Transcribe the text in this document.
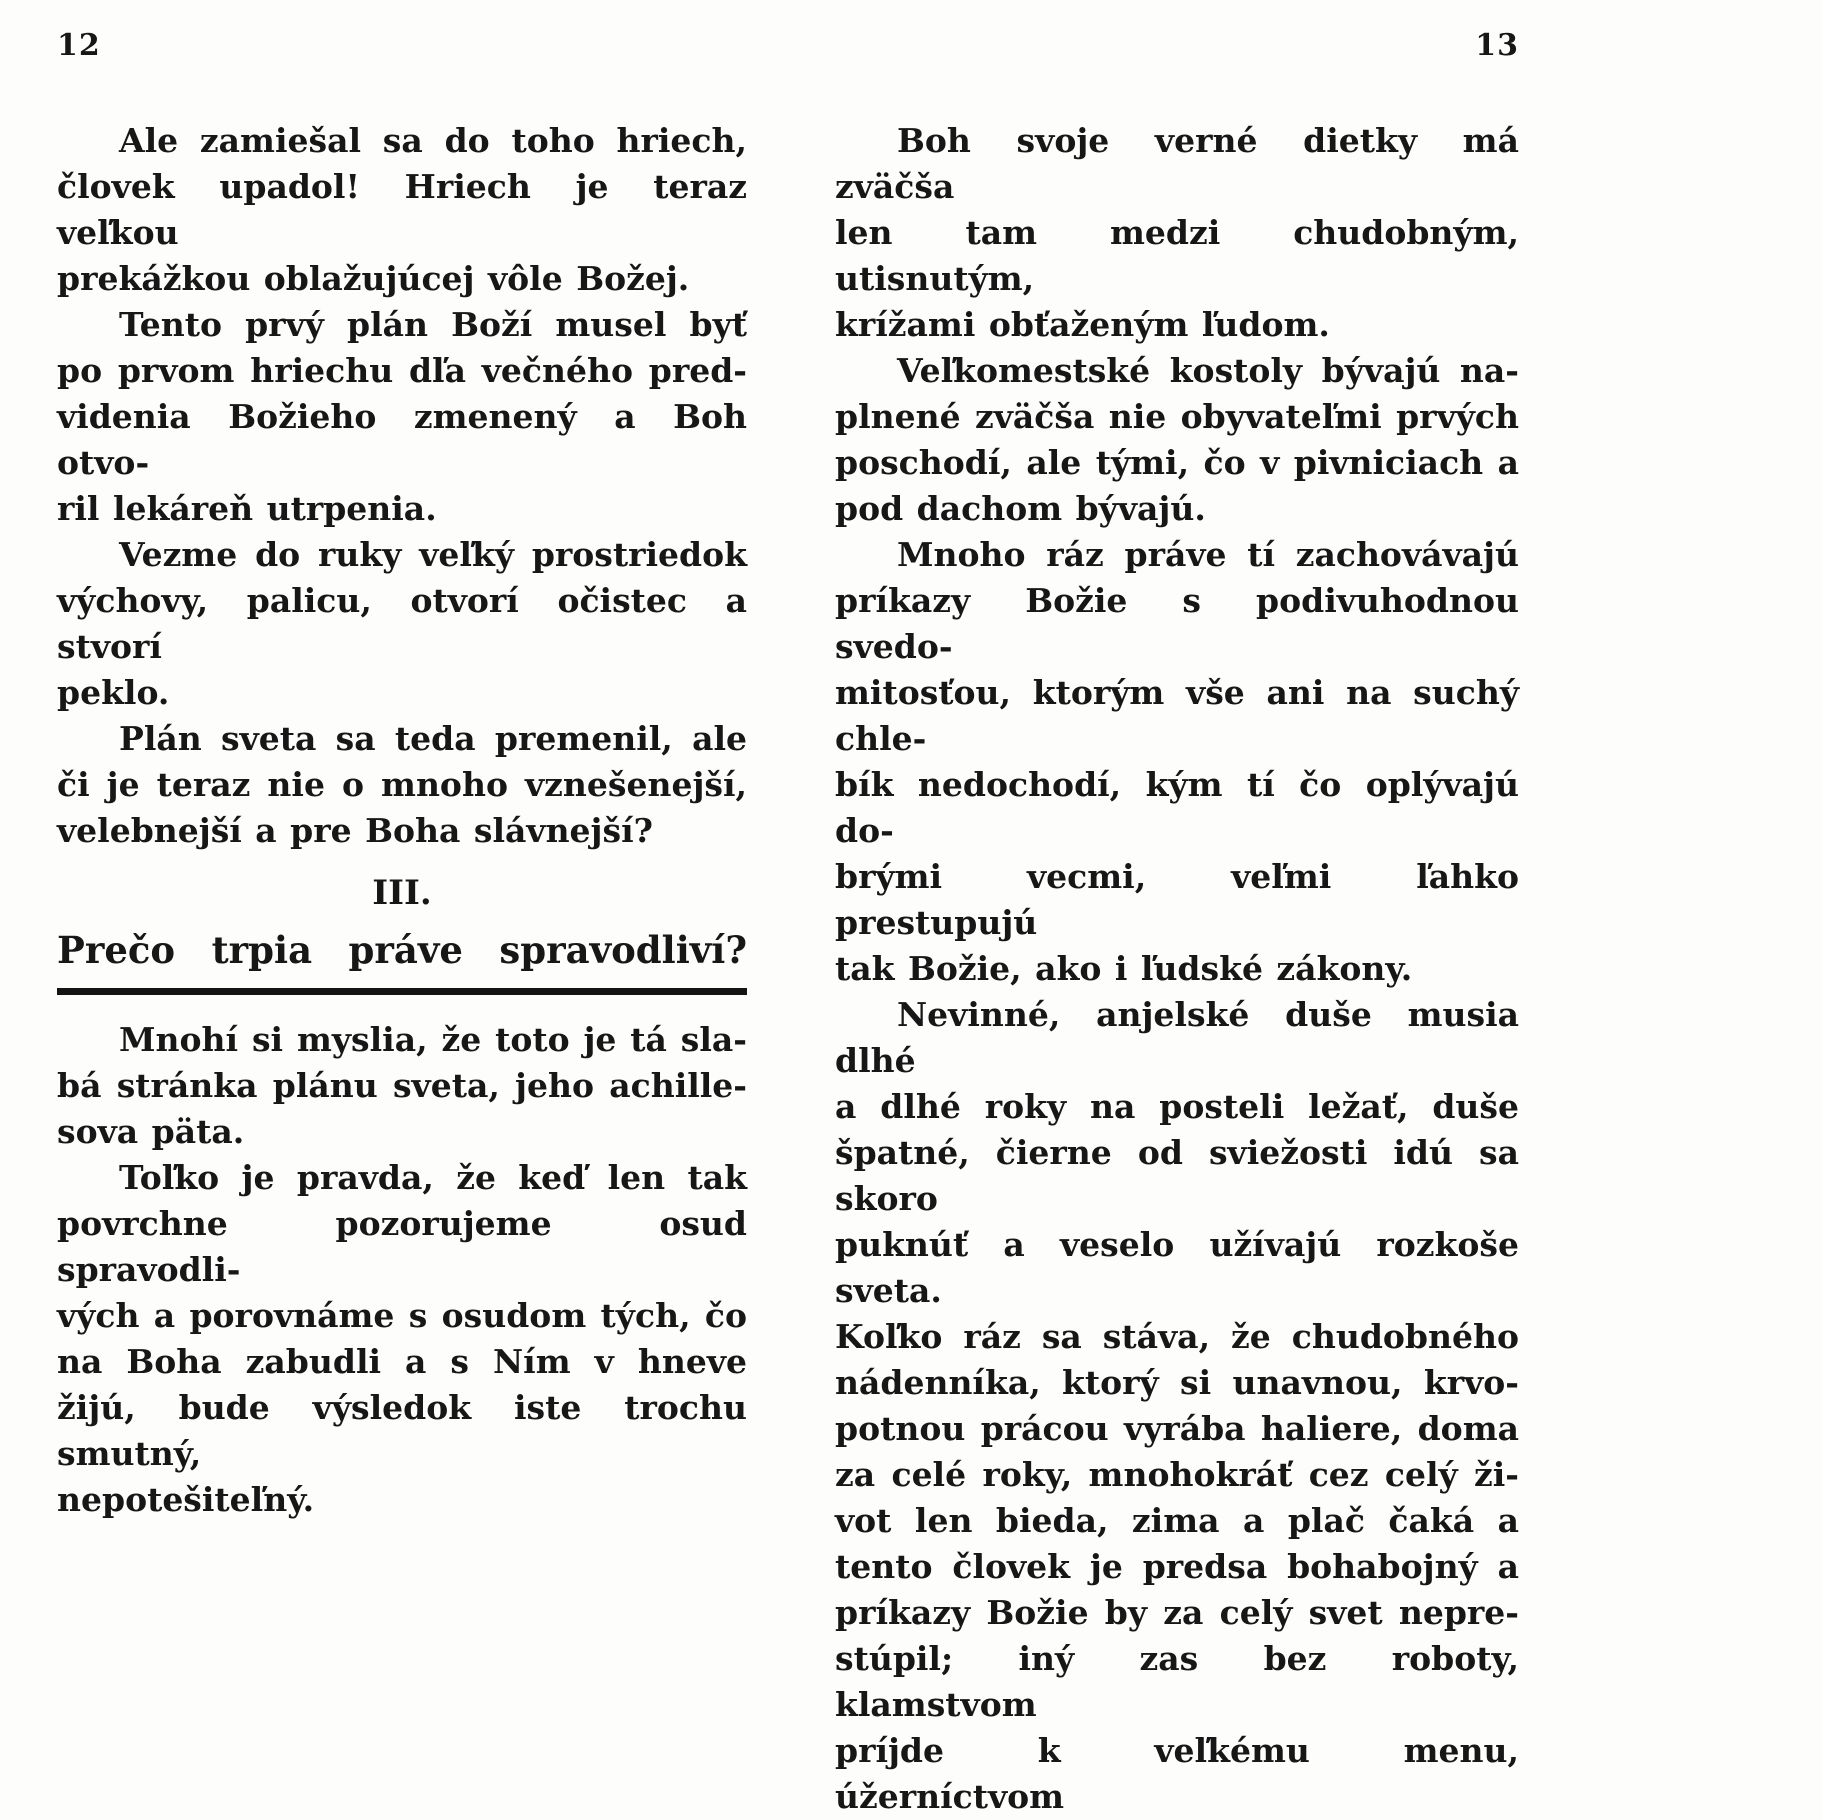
12
Ale zamiešal sa do toho hriech,
človek upadol! Hriech je teraz veľkou
prekážkou oblažujúcej vôle Božej.
Tento prvý plán Boží musel byť
po prvom hriechu dľa večného pred-
videnia Božieho zmenený a Boh otvo-
ril lekáreň utrpenia.
Vezme do ruky veľký prostriedok
výchovy, palicu, otvorí očistec a stvorí
peklo.
Plán sveta sa teda premenil, ale
či je teraz nie o mnoho vznešenejší,
velebnejší a pre Boha slávnejší?
III.
Prečo trpia práve spravodliví?
Mnohí si myslia, že toto je tá sla-
bá stránka plánu sveta, jeho achille-
sova päta.
Toľko je pravda, že keď len tak
povrchne pozorujeme osud spravodli-
vých a porovnáme s osudom tých, čo
na Boha zabudli a s Ním v hneve
žijú, bude výsledok iste trochu smutný,
nepotešiteľný.
13
Boh svoje verné dietky má zväčša
len tam medzi chudobným, utisnutým,
krížami obťaženým ľudom.
Veľkomestské kostoly bývajú na-
plnené zväčša nie obyvateľmi prvých
poschodí, ale tými, čo v pivniciach a
pod dachom bývajú.
Mnoho ráz práve tí zachovávajú
príkazy Božie s podivuhodnou svedo-
mitosťou, ktorým vše ani na suchý chle-
bík nedochodí, kým tí čo oplývajú do-
brými vecmi, veľmi ľahko prestupujú
tak Božie, ako i ľudské zákony.
Nevinné, anjelské duše musia dlhé
a dlhé roky na posteli ležať, duše
špatné, čierne od sviežosti idú sa skoro
puknúť a veselo užívajú rozkoše sveta.
Koľko ráz sa stáva, že chudobného
nádenníka, ktorý si unavnou, krvo-
potnou prácou vyrába haliere, doma
za celé roky, mnohokráť cez celý ži-
vot len bieda, zima a plač čaká a
tento človek je predsa bohabojný a
príkazy Božie by za celý svet nepre-
stúpil; iný zas bez roboty, klamstvom
príjde k veľkému menu, úžerníctvom
